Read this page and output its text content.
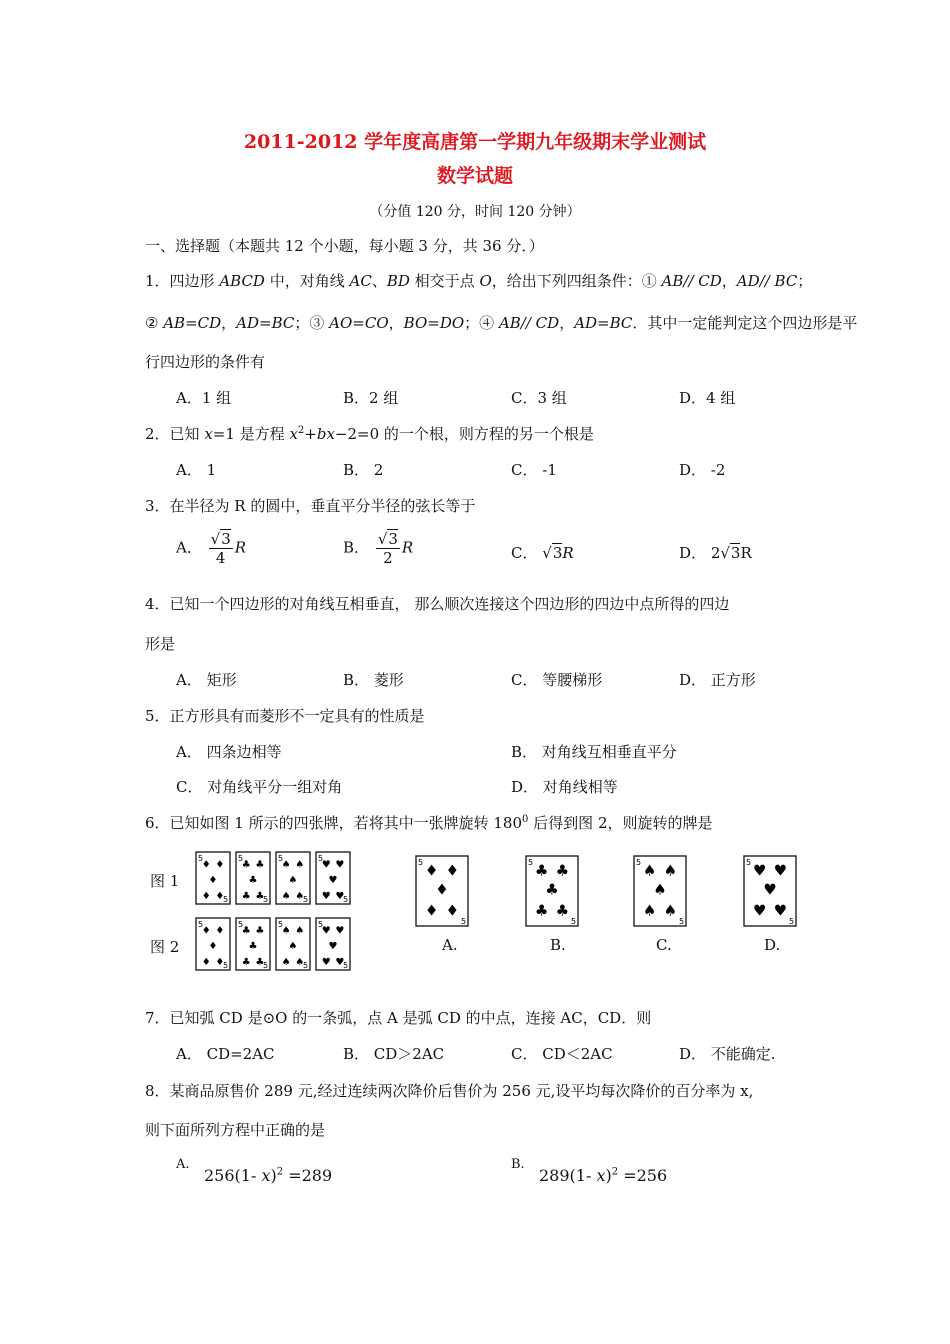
2011-2012 学年度高唐第一学期九年级期末学业测试
数学试题
（分值 120 分，时间 120 分钟）
一、选择题（本题共 12 个小题，每小题 3 分，共 36 分．）
1．四边形 ABCD 中，对角线 AC、BD 相交于点 O，给出下列四组条件：① AB// CD，AD// BC；
② AB=CD，AD=BC；③ AO=CO，BO=DO；④ AB// CD，AD=BC．其中一定能判定这个四边形是平
行四边形的条件有
A．1 组	B．2 组	C．3 组	D．4 组
2．已知 x=1 是方程 $x^2+bx-2=0$ 的一个根，则方程的另一个根是
A． 1	B． 2	C． -1	D． -2
3．在半径为 R 的圆中，垂直平分半径的弦长等于
A． $\frac{√3}{4}$ R	B． $\frac{√3}{2}$ R	C． √3R	D． 2√3R
4．已知一个四边形的对角线互相垂直， 那么顺次连接这个四边形的四边中点所得的四边
形是
A． 矩形	B． 菱形	C． 等腰梯形	D． 正方形
5．正方形具有而菱形不一定具有的性质是
A． 四条边相等	B． 对角线互相垂直平分
C． 对角线平分一组对角	D． 对角线相等
6．已知如图 1 所示的四张牌，若将其中一张牌旋转 $180^0$ 后得到图 2，则旋转的牌是
图 1
图 2
5
5
♦ ♦
♦
♦ ♦
5
5
♣ ♣
♣
♣ ♣
5
5
♠ ♠
♠
♠ ♠
5
5
♥ ♥
♥
♥ ♥
5
5
♦ ♦
♦
♦ ♦
5
5
♣ ♣
♣
♣ ♣
5
5
♠ ♠
♠
♠ ♠
5
5
♥ ♥
♥
♥ ♥
5
5
♦ ♦
♦
♦ ♦
5
5
♣ ♣
♣
♣ ♣
5
5
♠ ♠
♠
♠ ♠
5
5
♥ ♥
♥
♥ ♥
A.	B.	C.	D.
7．已知弧 CD 是⊙O 的一条弧，点 A 是弧 CD 的中点，连接 AC，CD．则
A． CD=2AC	B． CD＞2AC	C． CD＜2AC	D． 不能确定.
8．某商品原售价 289 元,经过连续两次降价后售价为 256 元,设平均每次降价的百分率为 x,
则下面所列方程中正确的是
A.
256(1- x)$^2$ =289
B.
289(1- x)$^2$ =256
